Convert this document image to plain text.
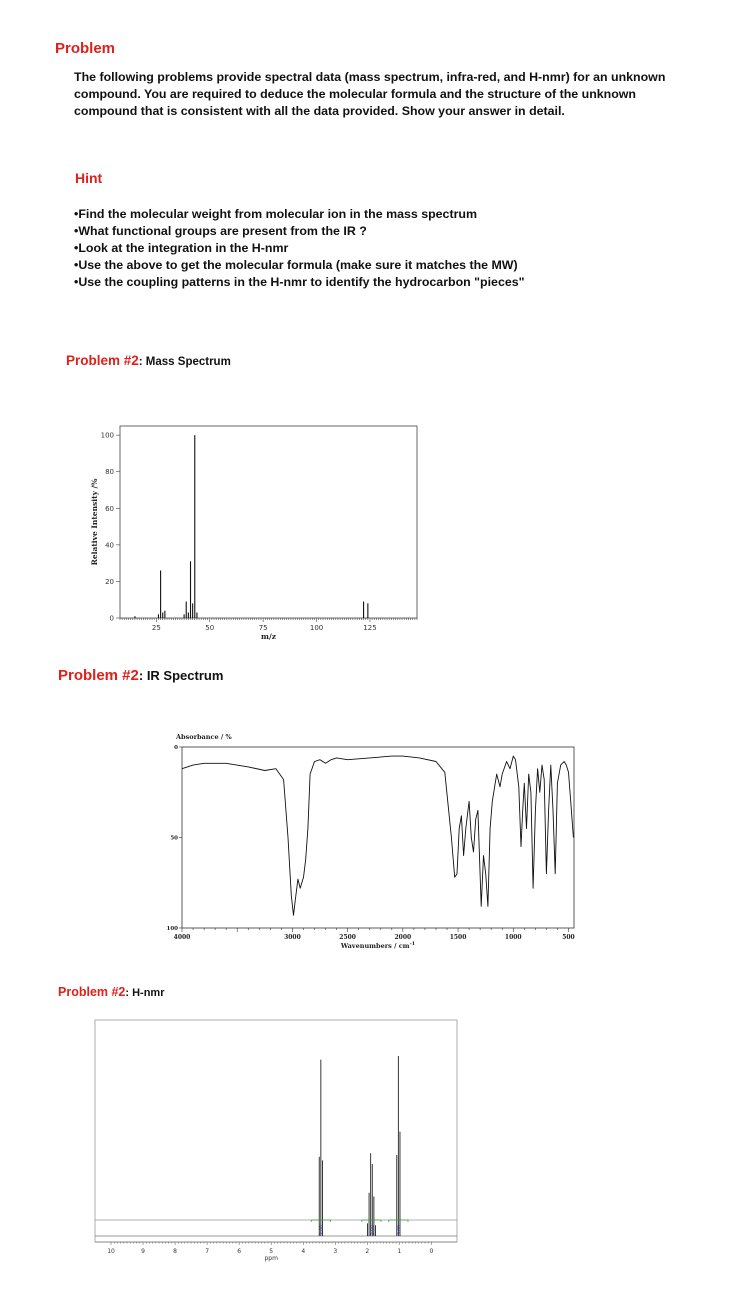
Problem
The following problems provide spectral data (mass spectrum, infra-red, and H-nmr) for an unknown compound. You are required to deduce the molecular formula and the structure of the unknown compound that is consistent with all the data provided. Show your answer in detail.
Hint
•Find the molecular weight from molecular ion in the mass spectrum
•What functional groups are present from the IR ?
•Look at the integration in the H-nmr
•Use the above to get the molecular formula (make sure it matches the MW)
•Use the coupling patterns in the H-nmr to identify the hydrocarbon "pieces"
Problem #2: Mass Spectrum
25	50	75	100	125
0
20
40
60
80
100
m/z
Relative Intensity /%
Problem #2: IR Spectrum
Absorbance / %
4000	3000	2500	2000	1500	1000	500
0
50
100
Wavenumbers / $cm^{-1}$
Problem #2: H-nmr
10	9	8	7	6	5	4	3	2	1	0
ppm
2.00	2.00	3.00
